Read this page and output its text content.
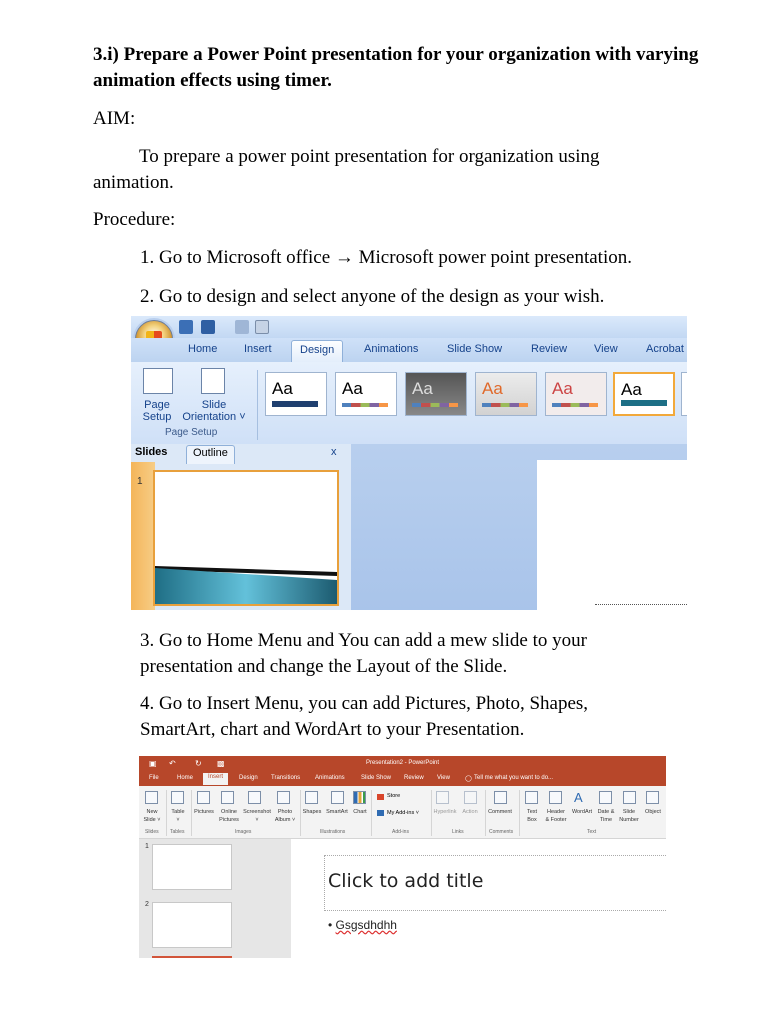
3.i) Prepare a Power Point presentation for your organization with varying animation effects using timer.

AIM:

To prepare a power point presentation for organization using animation.

Procedure:

1. Go to Microsoft office → Microsoft power point presentation.

2. Go to design and select anyone of the design as your wish.

3. Go to Home Menu and You can add a mew slide to your presentation and change the Layout of the Slide.

4. Go to Insert Menu, you can add Pictures, Photo, Shapes, SmartArt, chart and WordArt to your Presentation.

Home Insert	Design	Animations	Slide Show	Review View	Acrobat
Page
Setup
Slide
Orientation ˅
Page Setup
Aa	Aa	Aa	Aa	Aa	Aa
Slides	Outline	x
1
▣ ↶ ↻ ▩	Presentation2 - PowerPoint
File	Home	Insert	Design Transitions Animations	Slide Show Review View	◯ Tell me what you want to do...
A
New
Slide ˅
Table
˅
Pictures	Online
Pictures
Screenshot
˅
Photo
Album ˅
Shapes SmartArt Chart	Hyperlink	Action	Comment	Text
Box
Header
& Footer
WordArt	Date &
Time
Slide
Number
Object
Store
My Add-ins ˅
Slides Tables	Images	Illustrations	Add-ins	Links	Comments	Text
1
2
Click to add title
• Gsgsdhdhh
